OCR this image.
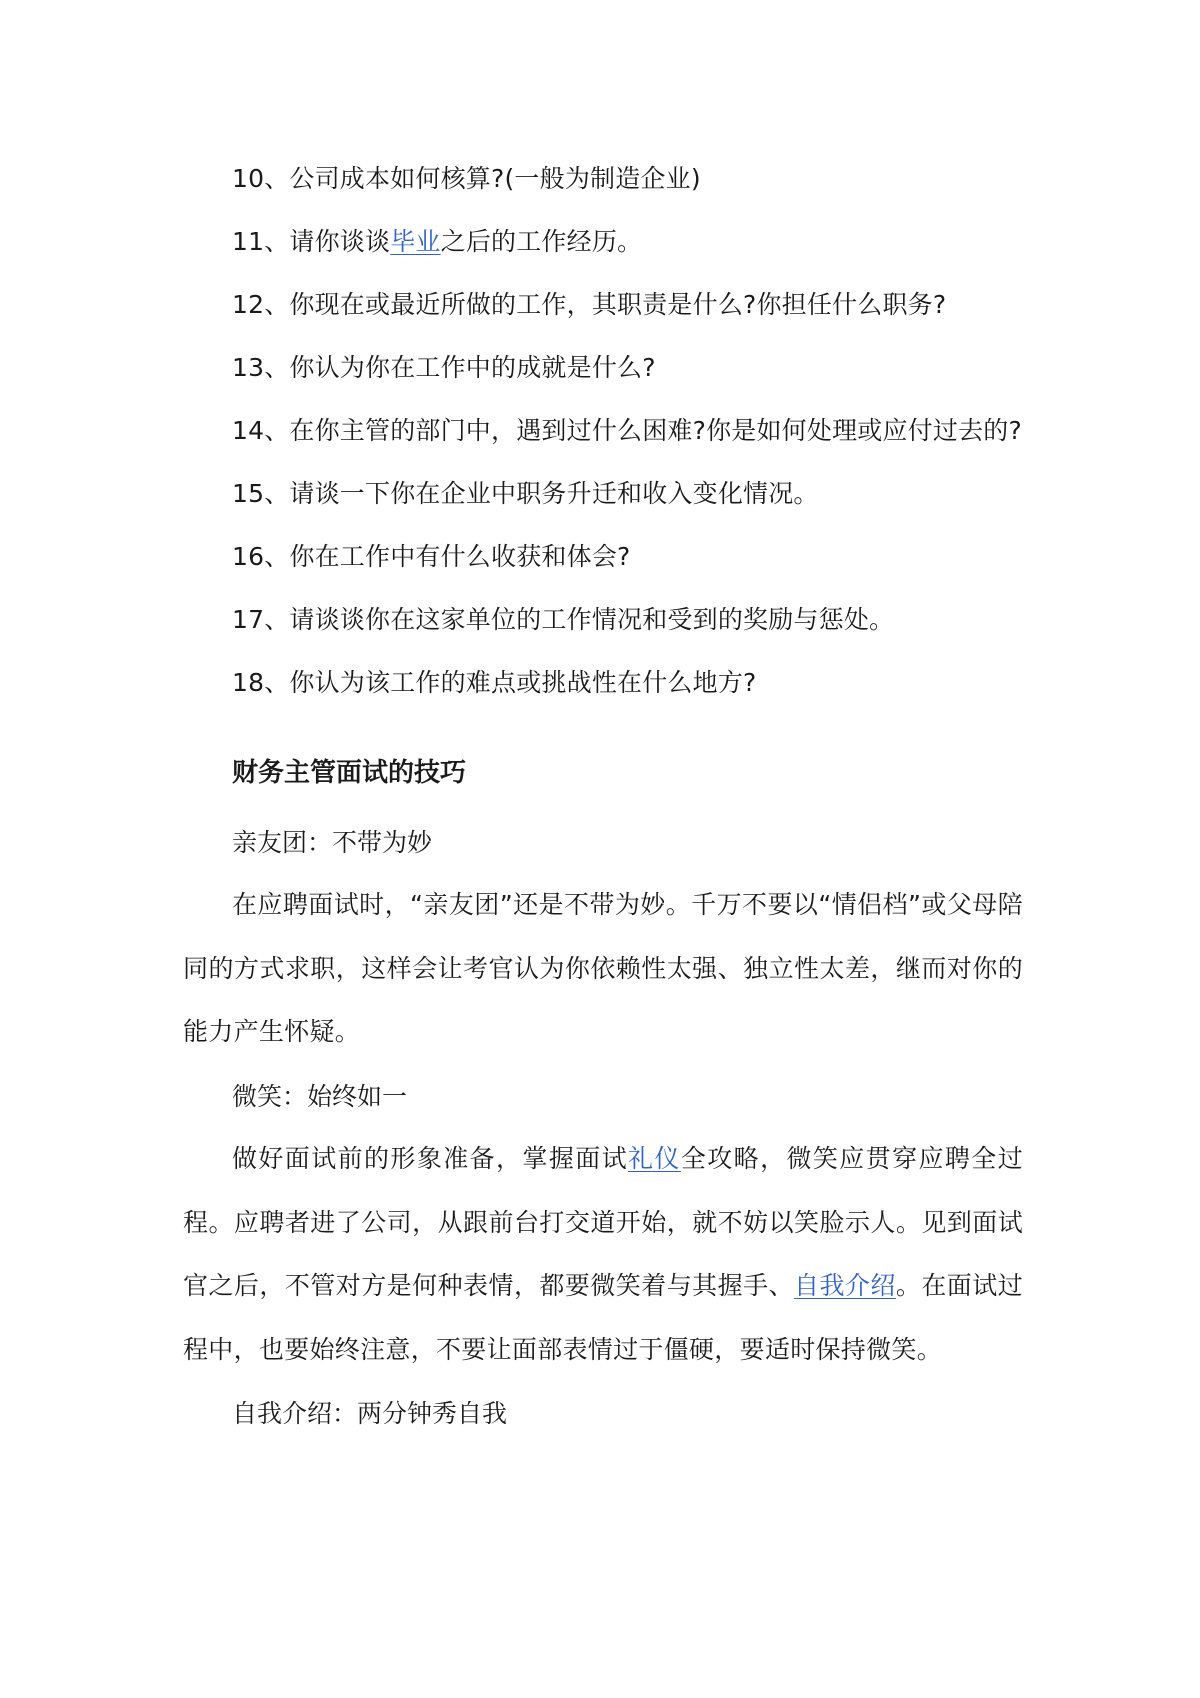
10、公司成本如何核算?(一般为制造企业)
11、请你谈谈毕业之后的工作经历。
12、你现在或最近所做的工作，其职责是什么?你担任什么职务?
13、你认为你在工作中的成就是什么?
14、在你主管的部门中，遇到过什么困难?你是如何处理或应付过去的?
15、请谈一下你在企业中职务升迁和收入变化情况。
16、你在工作中有什么收获和体会?
17、请谈谈你在这家单位的工作情况和受到的奖励与惩处。
18、你认为该工作的难点或挑战性在什么地方?
财务主管面试的技巧
亲友团：不带为妙
在应聘面试时，“亲友团”还是不带为妙。千万不要以“情侣档”或父母陪同的方式求职，这样会让考官认为你依赖性太强、独立性太差，继而对你的能力产生怀疑。
微笑：始终如一
做好面试前的形象准备，掌握面试礼仪全攻略，微笑应贯穿应聘全过程。应聘者进了公司，从跟前台打交道开始，就不妨以笑脸示人。见到面试官之后，不管对方是何种表情，都要微笑着与其握手、自我介绍。在面试过程中，也要始终注意，不要让面部表情过于僵硬，要适时保持微笑。
自我介绍：两分钟秀自我
